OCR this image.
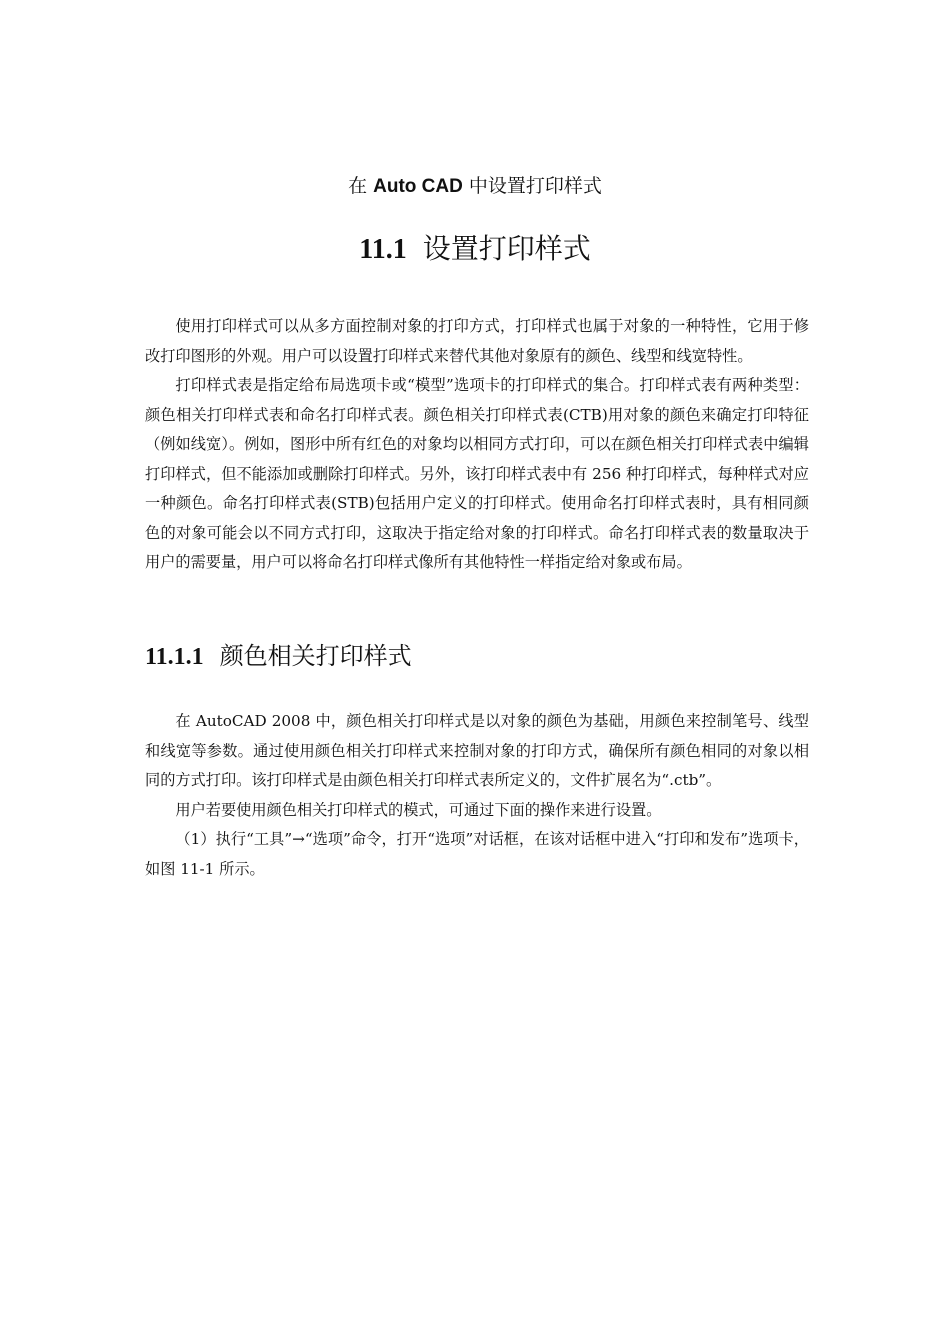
在 Auto CAD 中设置打印样式
11.1 设置打印样式

使用打印样式可以从多方面控制对象的打印方式，打印样式也属于对象的一种特性，它用于修改打印图形的外观。用户可以设置打印样式来替代其他对象原有的颜色、线型和线宽特性。

打印样式表是指定给布局选项卡或“模型”选项卡的打印样式的集合。打印样式表有两种类型：颜色相关打印样式表和命名打印样式表。颜色相关打印样式表(CTB)用对象的颜色来确定打印特征（例如线宽）。例如，图形中所有红色的对象均以相同方式打印，可以在颜色相关打印样式表中编辑打印样式，但不能添加或删除打印样式。另外，该打印样式表中有 256 种打印样式，每种样式对应一种颜色。命名打印样式表(STB)包括用户定义的打印样式。使用命名打印样式表时，具有相同颜色的对象可能会以不同方式打印，这取决于指定给对象的打印样式。命名打印样式表的数量取决于用户的需要量，用户可以将命名打印样式像所有其他特性一样指定给对象或布局。

11.1.1 颜色相关打印样式

在 AutoCAD 2008 中，颜色相关打印样式是以对象的颜色为基础，用颜色来控制笔号、线型和线宽等参数。通过使用颜色相关打印样式来控制对象的打印方式，确保所有颜色相同的对象以相同的方式打印。该打印样式是由颜色相关打印样式表所定义的，文件扩展名为“.ctb”。

用户若要使用颜色相关打印样式的模式，可通过下面的操作来进行设置。

（1）执行“工具”→“选项”命令，打开“选项”对话框，在该对话框中进入“打印和发布”选项卡，如图 11-1 所示。
